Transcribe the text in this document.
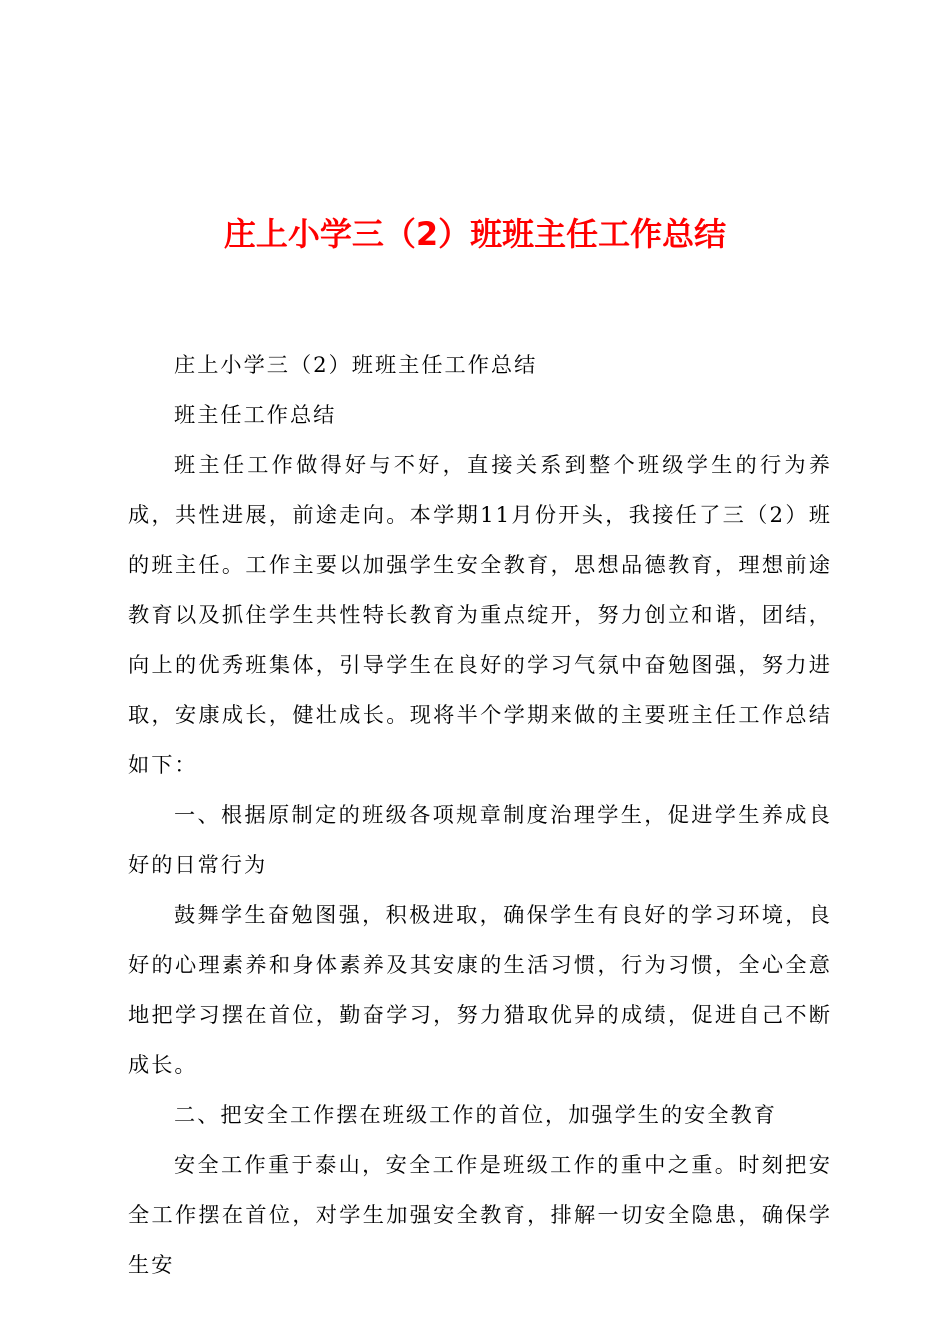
庄上小学三（2）班班主任工作总结

庄上小学三（2）班班主任工作总结

班主任工作总结

班主任工作做得好与不好，直接关系到整个班级学生的行为养成，共性进展，前途走向。本学期11月份开头，我接任了三（2）班的班主任。工作主要以加强学生安全教育，思想品德教育，理想前途教育以及抓住学生共性特长教育为重点绽开，努力创立和谐，团结，向上的优秀班集体，引导学生在良好的学习气氛中奋勉图强，努力进取，安康成长，健壮成长。现将半个学期来做的主要班主任工作总结如下：

一、根据原制定的班级各项规章制度治理学生，促进学生养成良好的日常行为

鼓舞学生奋勉图强，积极进取，确保学生有良好的学习环境，良好的心理素养和身体素养及其安康的生活习惯，行为习惯，全心全意地把学习摆在首位，勤奋学习，努力猎取优异的成绩，促进自己不断成长。

二、把安全工作摆在班级工作的首位，加强学生的安全教育

安全工作重于泰山，安全工作是班级工作的重中之重。时刻把安全工作摆在首位，对学生加强安全教育，排解一切安全隐患，确保学生安
